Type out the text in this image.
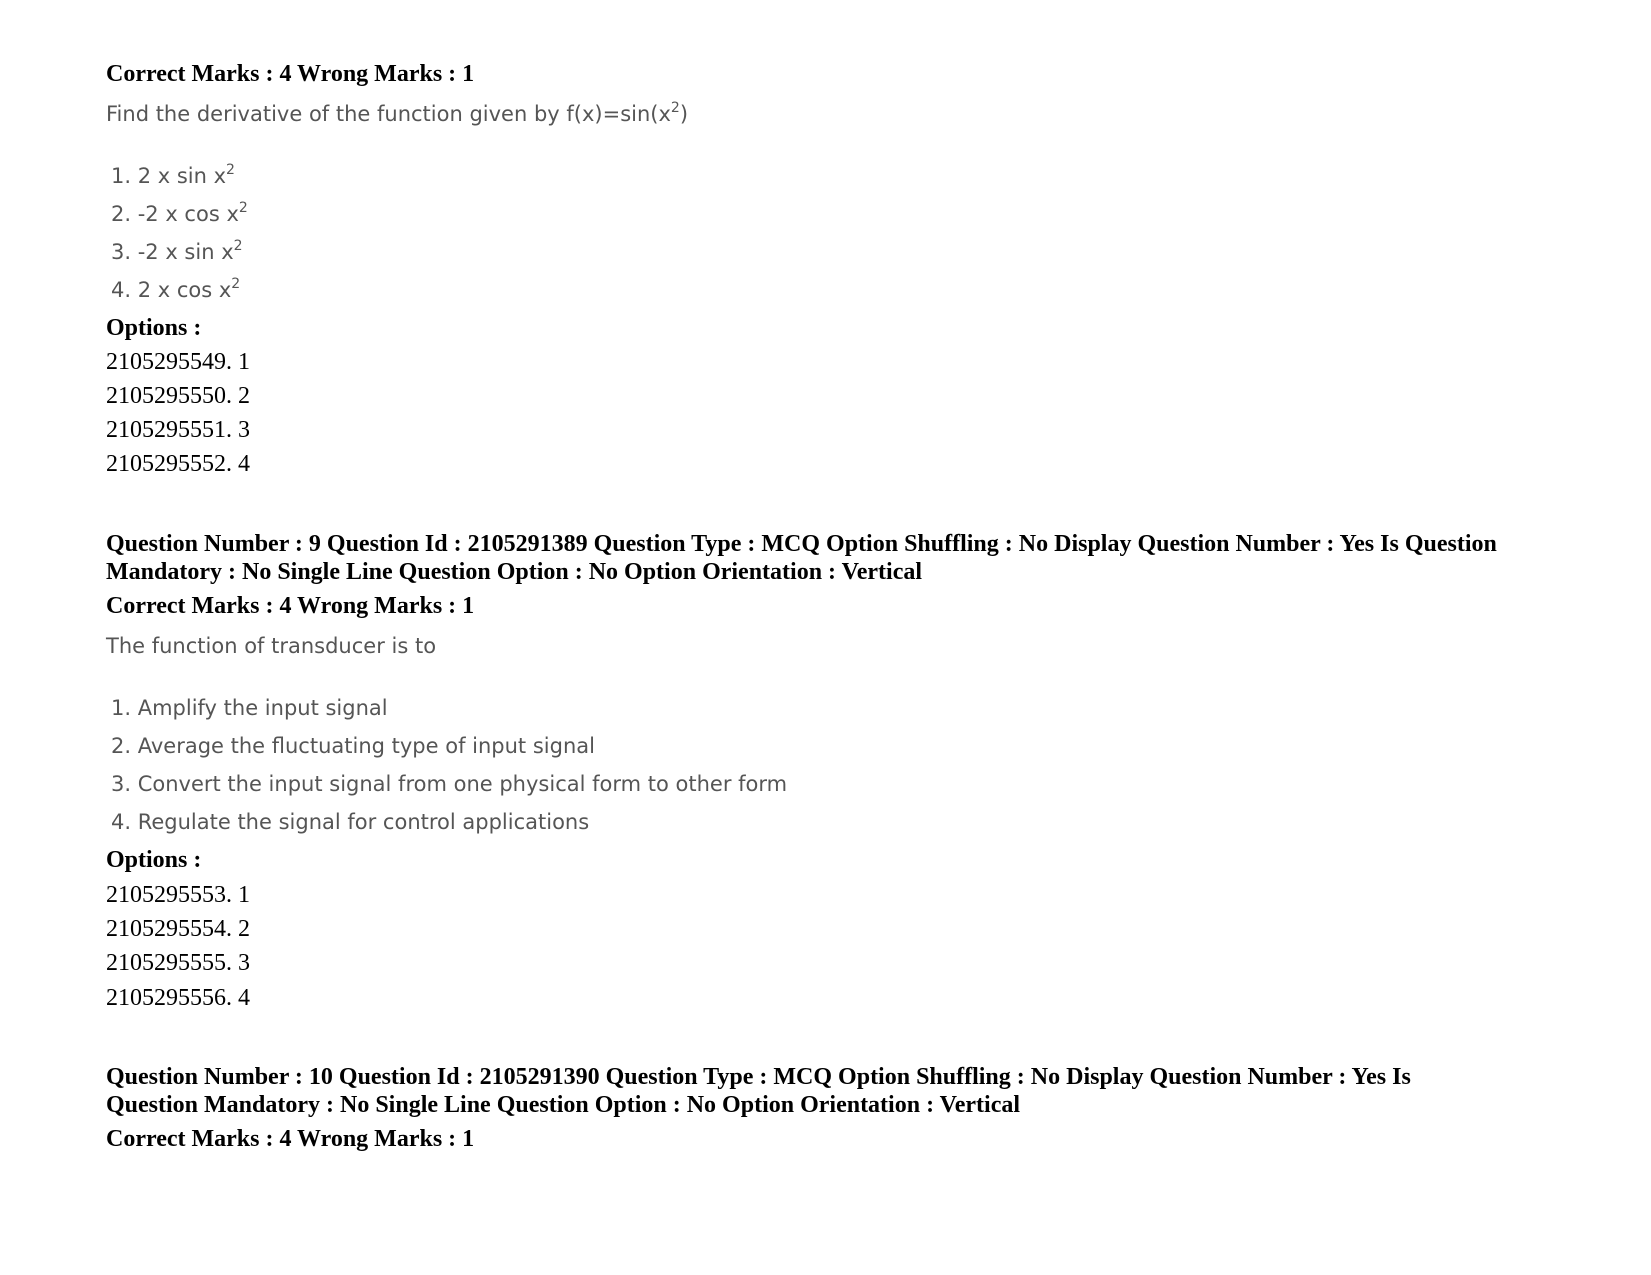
Correct Marks : 4 Wrong Marks : 1
Find the derivative of the function given by $f(x)=\sin(x^2)$
1. 2 x $\sin x^2$
2. -2 x $\cos x^2$
3. -2 x $\sin x^2$
4. 2 x $\cos x^2$
Options :
2105295549. 1
2105295550. 2
2105295551. 3
2105295552. 4
Question Number : 9 Question Id : 2105291389 Question Type : MCQ Option Shuffling : No Display Question Number : Yes Is Question Mandatory : No Single Line Question Option : No Option Orientation : Vertical
Correct Marks : 4 Wrong Marks : 1
The function of transducer is to
1. Amplify the input signal
2. Average the fluctuating type of input signal
3. Convert the input signal from one physical form to other form
4. Regulate the signal for control applications
Options :
2105295553. 1
2105295554. 2
2105295555. 3
2105295556. 4
Question Number : 10 Question Id : 2105291390 Question Type : MCQ Option Shuffling : No Display Question Number : Yes Is Question Mandatory : No Single Line Question Option : No Option Orientation : Vertical
Correct Marks : 4 Wrong Marks : 1
